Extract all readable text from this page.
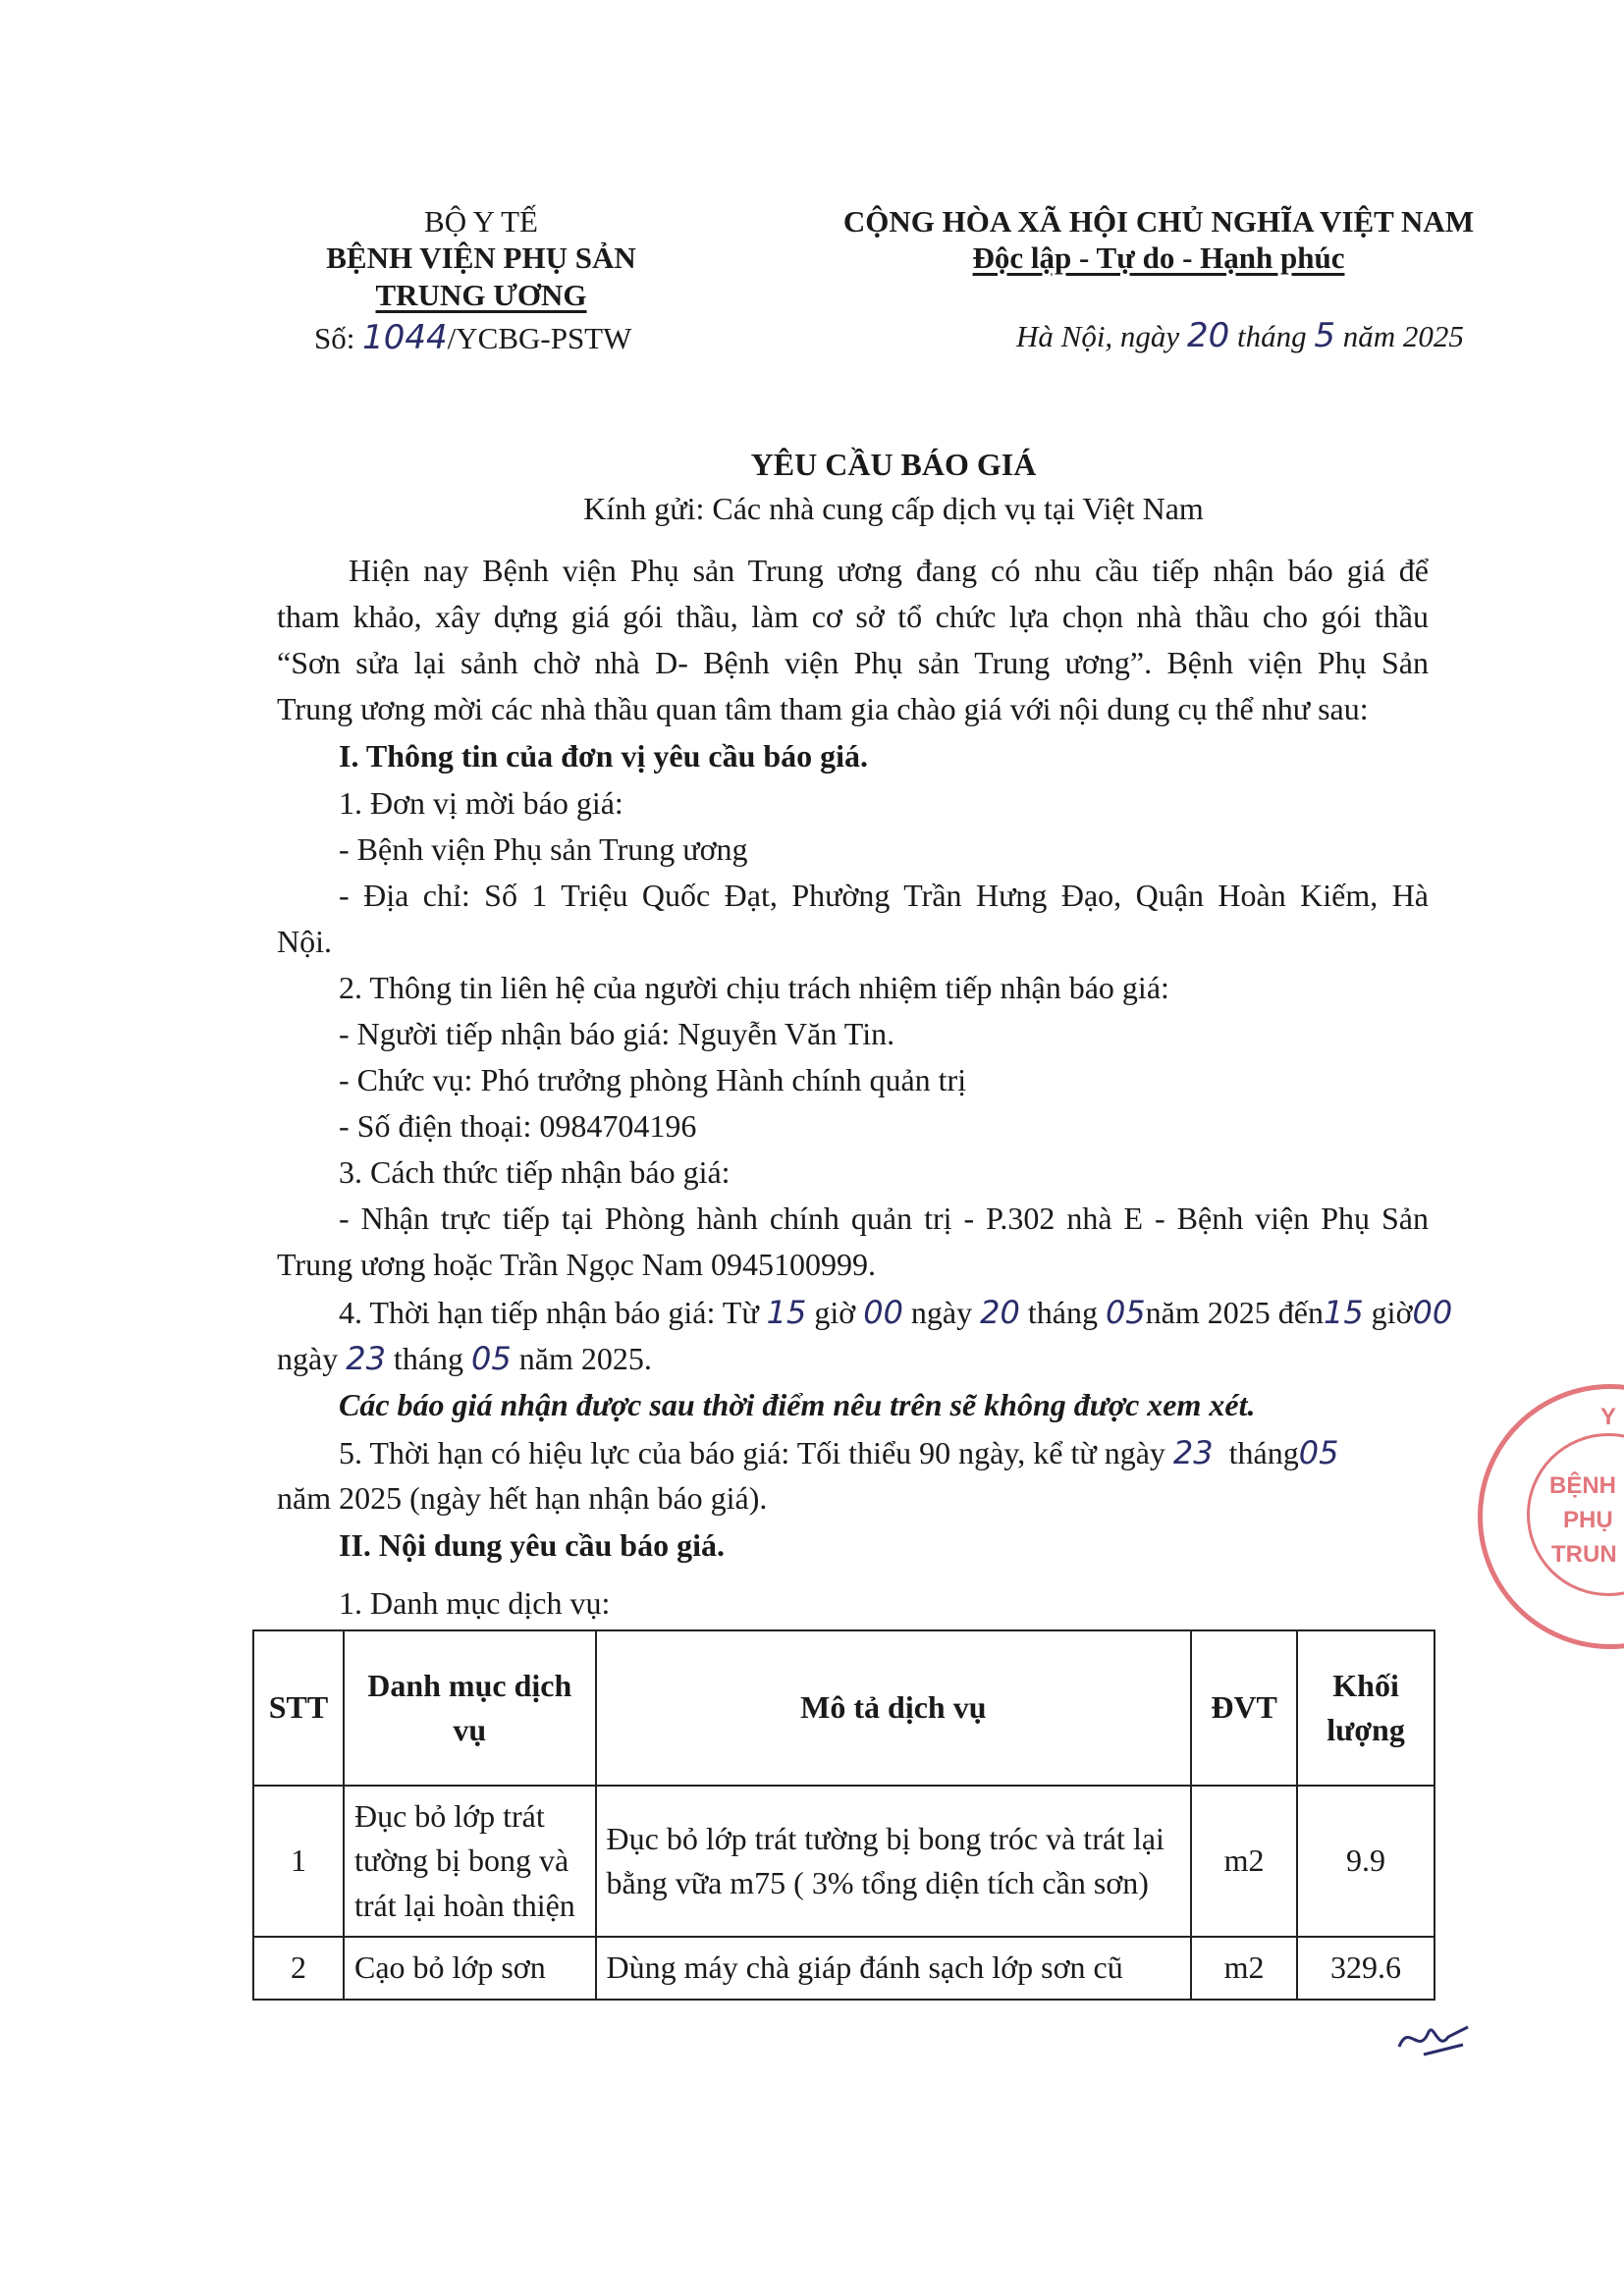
BỘ Y TẾ
BỆNH VIỆN PHỤ SẢN
TRUNG ƯƠNG
Số: 1044/YCBG-PSTW
CỘNG HÒA XÃ HỘI CHỦ NGHĨA VIỆT NAM
Độc lập - Tự do - Hạnh phúc
Hà Nội, ngày 20 tháng 5 năm 2025
YÊU CẦU BÁO GIÁ
Kính gửi: Các nhà cung cấp dịch vụ tại Việt Nam
Hiện nay Bệnh viện Phụ sản Trung ương đang có nhu cầu tiếp nhận báo giá để
tham khảo, xây dựng giá gói thầu, làm cơ sở tổ chức lựa chọn nhà thầu cho gói thầu
“Sơn sửa lại sảnh chờ nhà D- Bệnh viện Phụ sản Trung ương”. Bệnh viện Phụ Sản
Trung ương mời các nhà thầu quan tâm tham gia chào giá với nội dung cụ thể như sau:
I. Thông tin của đơn vị yêu cầu báo giá.
1. Đơn vị mời báo giá:
- Bệnh viện Phụ sản Trung ương
- Địa chỉ: Số 1 Triệu Quốc Đạt, Phường Trần Hưng Đạo, Quận Hoàn Kiếm, Hà
Nội.
2. Thông tin liên hệ của người chịu trách nhiệm tiếp nhận báo giá:
- Người tiếp nhận báo giá: Nguyễn Văn Tin.
- Chức vụ: Phó trưởng phòng Hành chính quản trị
- Số điện thoại: 0984704196
3. Cách thức tiếp nhận báo giá:
- Nhận trực tiếp tại Phòng hành chính quản trị - P.302 nhà E - Bệnh viện Phụ Sản
Trung ương hoặc Trần Ngọc Nam 0945100999.
4. Thời hạn tiếp nhận báo giá: Từ 15 giờ 00 ngày 20 tháng 05năm 2025 đến15 giờ00
ngày 23 tháng 05 năm 2025.
Các báo giá nhận được sau thời điểm nêu trên sẽ không được xem xét.
5. Thời hạn có hiệu lực của báo giá: Tối thiểu 90 ngày, kể từ ngày 23 tháng05
năm 2025 (ngày hết hạn nhận báo giá).
II. Nội dung yêu cầu báo giá.
1. Danh mục dịch vụ:
STT	Danh mục dịch vụ	Mô tả dịch vụ	ĐVT	Khối lượng
1	Đục bỏ lớp trát tường bị bong và trát lại hoàn thiện	Đục bỏ lớp trát tường bị bong tróc và trát lại bằng vữa m75 ( 3% tổng diện tích cần sơn)	m2	9.9
2	Cạo bỏ lớp sơn	Dùng máy chà giáp đánh sạch lớp sơn cũ	m2	329.6
Y
BỆNH
PHỤ
TRUN
